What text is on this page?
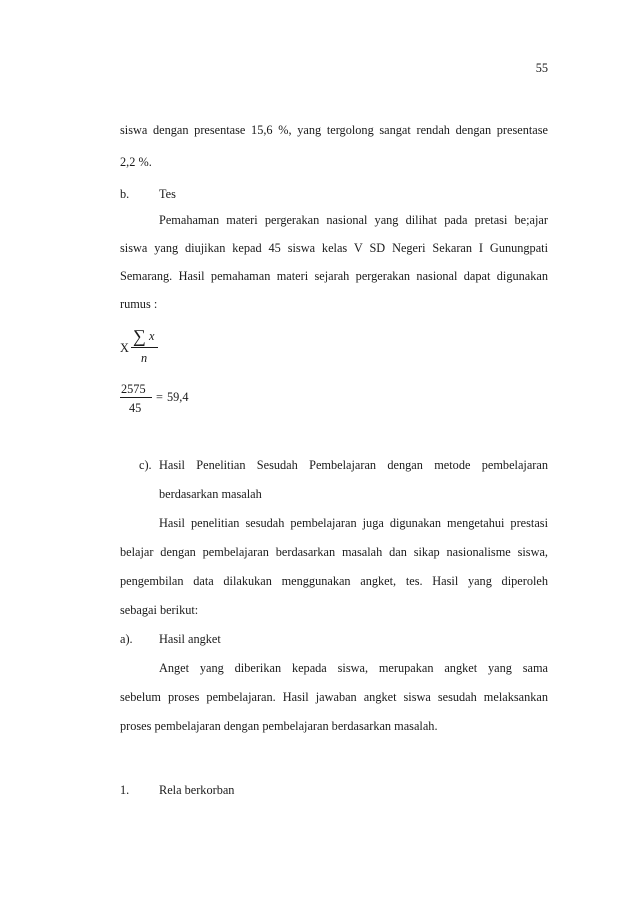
55
siswa dengan presentase 15,6 %, yang tergolong sangat rendah dengan presentase
2,2 %.
b. Tes
Pemahaman materi pergerakan nasional yang dilihat pada pretasi be;ajar
siswa yang diujikan kepad 45 siswa kelas V SD Negeri Sekaran I Gunungpati
Semarang. Hasil pemahaman materi sejarah pergerakan nasional dapat digunakan
rumus :
X
∑ x
n
2575
45
= 59,4
c). Hasil Penelitian Sesudah Pembelajaran dengan metode pembelajaran
berdasarkan masalah
Hasil penelitian sesudah pembelajaran juga digunakan mengetahui prestasi
belajar dengan pembelajaran berdasarkan masalah dan sikap nasionalisme siswa,
pengembilan data dilakukan menggunakan angket, tes. Hasil yang diperoleh
sebagai berikut:
a). Hasil angket
Anget yang diberikan kepada siswa, merupakan angket yang sama
sebelum proses pembelajaran. Hasil jawaban angket siswa sesudah melaksankan
proses pembelajaran dengan pembelajaran berdasarkan masalah.
1. Rela berkorban
